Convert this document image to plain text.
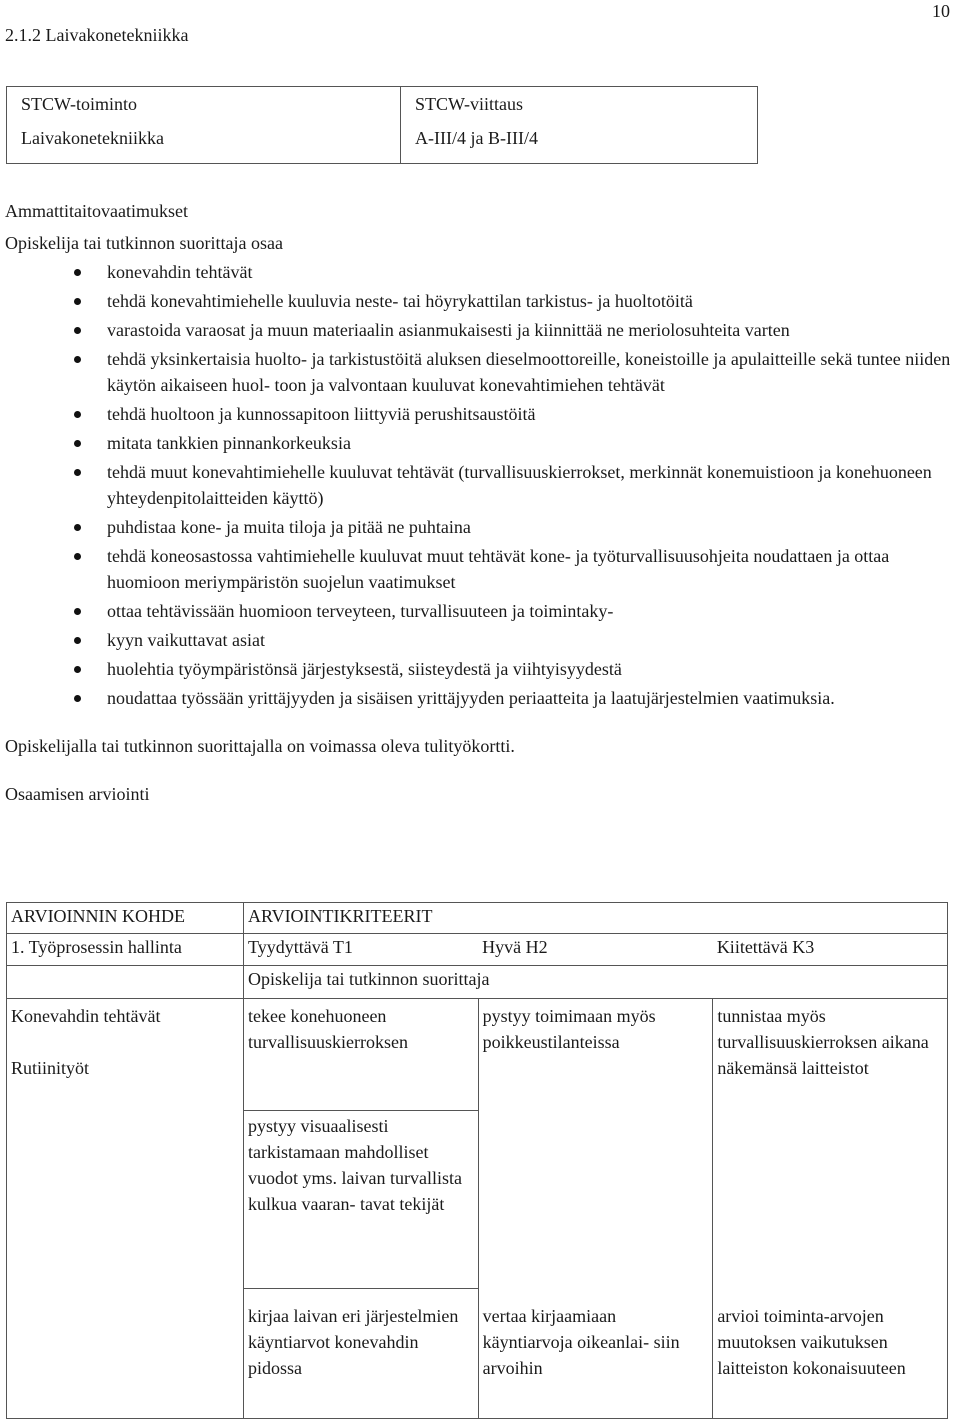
10
2.1.2 Laivakonetekniikka
STCW-toiminto
Laivakonetekniikka

STCW-viittaus
A-III/4 ja B-III/4

Ammattitaitovaatimukset

Opiskelija tai tutkinnon suorittaja osaa

konevahdin tehtävät
tehdä konevahtimiehelle kuuluvia neste- tai höyrykattilan tarkistus- ja huoltotöitä
varastoida varaosat ja muun materiaalin asianmukaisesti ja kiinnittää ne meriolosuhteita varten
tehdä yksinkertaisia huolto- ja tarkistustöitä aluksen dieselmoottoreille, koneistoille ja apulaitteille sekä tuntee niiden käytön aikaiseen huol- toon ja valvontaan kuuluvat konevahtimiehen tehtävät
tehdä huoltoon ja kunnossapitoon liittyviä perushitsaustöitä
mitata tankkien pinnankorkeuksia
tehdä muut konevahtimiehelle kuuluvat tehtävät (turvallisuuskierrokset, merkinnät konemuistioon ja konehuoneen yhteydenpitolaitteiden käyttö)
puhdistaa kone- ja muita tiloja ja pitää ne puhtaina
tehdä koneosastossa vahtimiehelle kuuluvat muut tehtävät kone- ja työturvallisuusohjeita noudattaen ja ottaa huomioon meriympäristön suojelun vaatimukset
ottaa tehtävissään huomioon terveyteen, turvallisuuteen ja toimintaky-
kyyn vaikuttavat asiat
huolehtia työympäristönsä järjestyksestä, siisteydestä ja viihtyisyydestä
noudattaa työssään yrittäjyyden ja sisäisen yrittäjyyden periaatteita ja laatujärjestelmien vaatimuksia.

Opiskelijalla tai tutkinnon suorittajalla on voimassa oleva tulityökortti.

Osaamisen arviointi

ARVIOINNIN KOHDE	ARVIOINTIKRITEERIT		
1. Työprosessin hallinta	Tyydyttävä T1	Hyvä H2	Kiitettävä K3
	Opiskelija tai tutkinnon suorittaja		

Konevahdin tehtävät
Rutiinityöt	tekee konehuoneen turvallisuuskierroksen	pystyy toimimaan myös poikkeustilanteissa	tunnistaa myös turvallisuuskierroksen aikana näkemänsä laitteistot
	pystyy visuaalisesti tarkistamaan mahdolliset vuodot yms. laivan turvallista kulkua vaaran- tavat tekijät		
	kirjaa laivan eri järjestelmien käyntiarvot konevahdin pidossa	vertaa kirjaamiaan käyntiarvoja oikeanlai- siin arvoihin	arvioi toiminta-arvojen muutoksen vaikutuksen laitteiston kokonaisuuteen
